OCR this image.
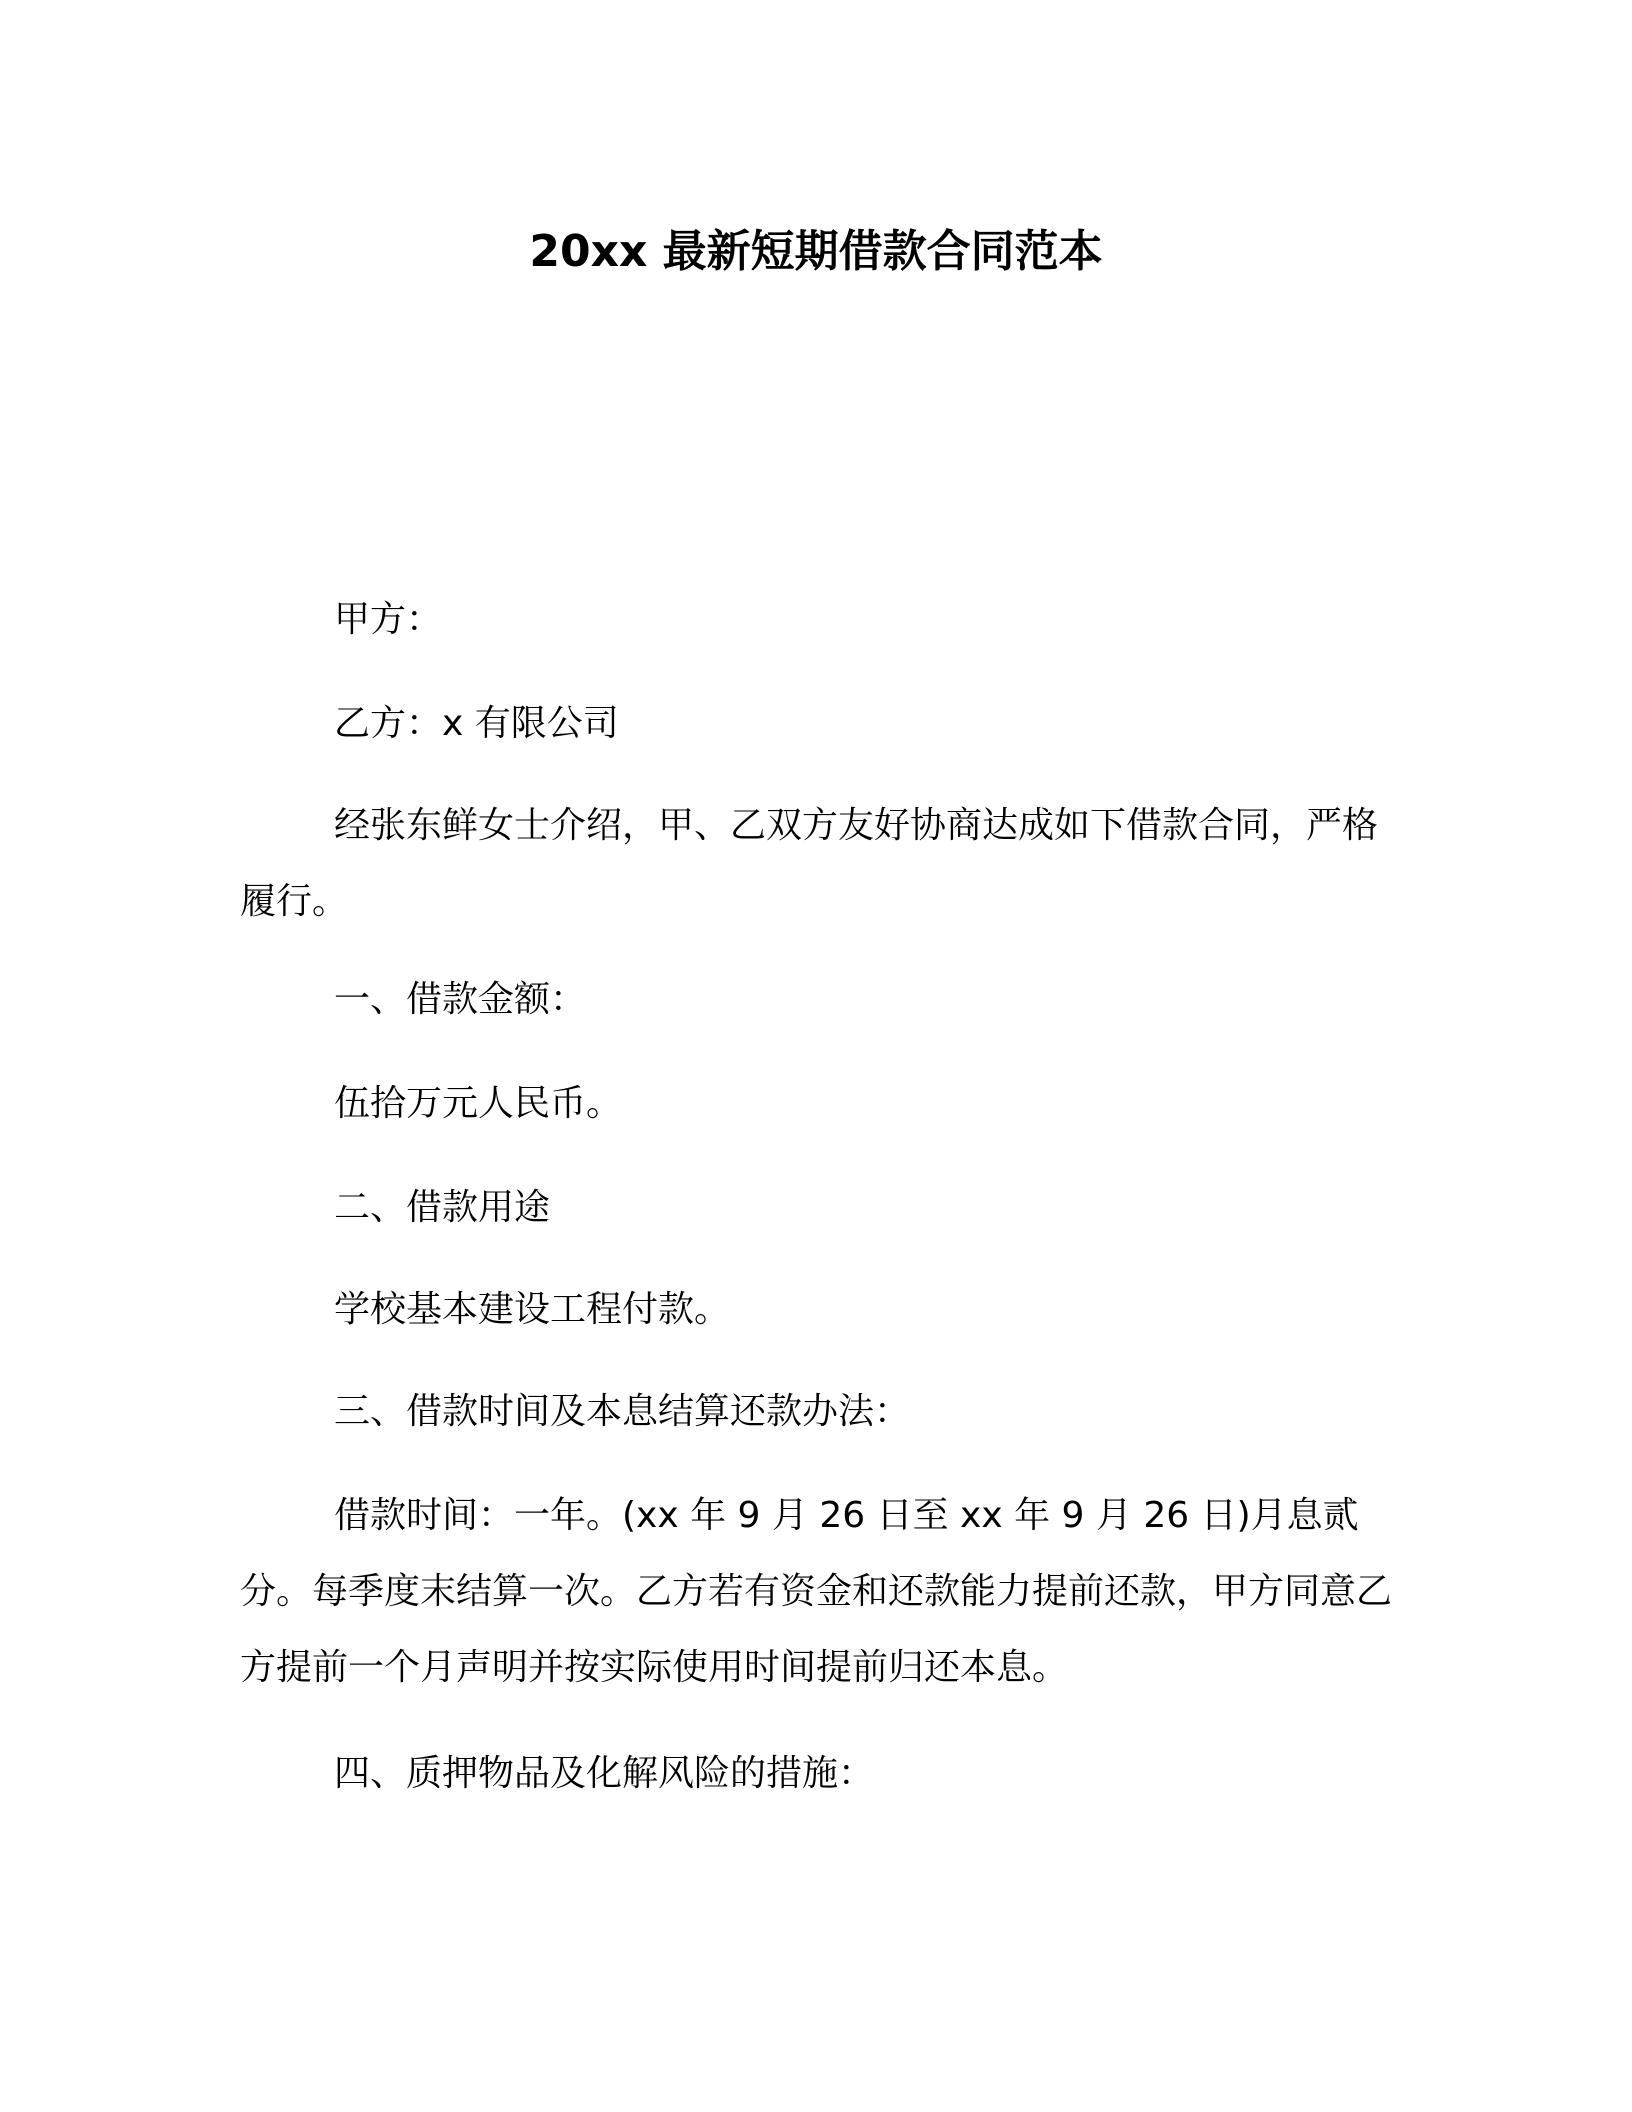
20xx 最新短期借款合同范本

甲方：

乙方：x 有限公司

经张东鲜女士介绍，甲、乙双方友好协商达成如下借款合同，严格履行。

一、借款金额：

伍拾万元人民币。

二、借款用途

学校基本建设工程付款。

三、借款时间及本息结算还款办法：

借款时间：一年。(xx 年 9 月 26 日至 xx 年 9 月 26 日)月息贰分。每季度末结算一次。乙方若有资金和还款能力提前还款，甲方同意乙方提前一个月声明并按实际使用时间提前归还本息。

四、质押物品及化解风险的措施：
